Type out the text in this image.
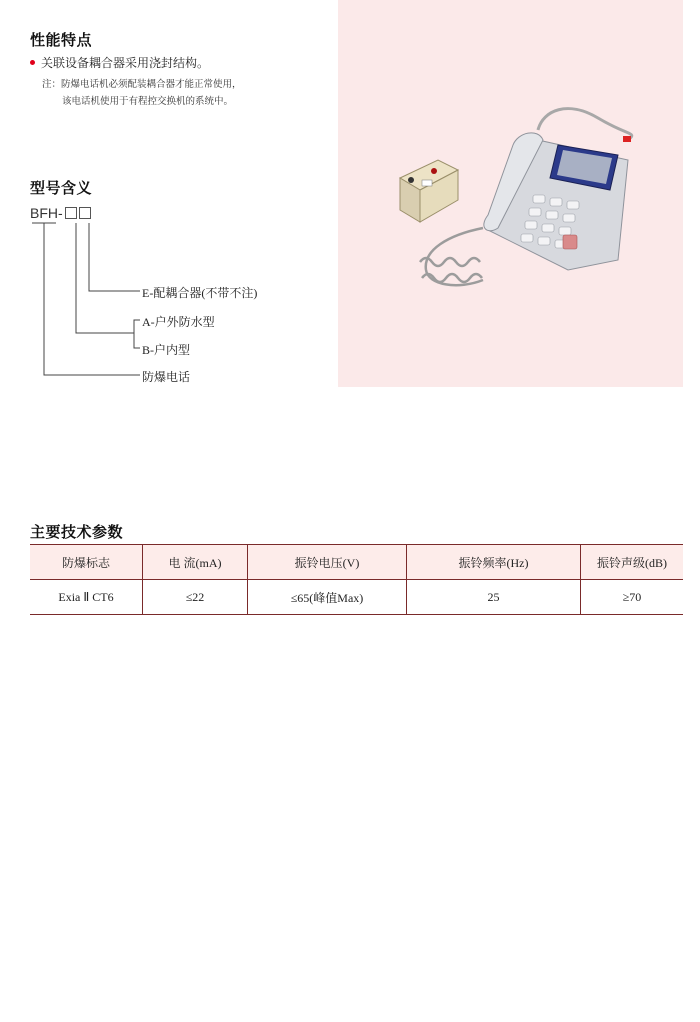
性能特点
关联设备耦合器采用浇封结构。
注：防爆电话机必须配装耦合器才能正常使用，
该电话机使用于有程控交换机的系统中。
型号含义
BFH-
E-配耦合器(不带不注)
A-户外防水型
B-户内型
防爆电话
主要技术参数
防爆标志	电 流(mA)	振铃电压(V)	振铃频率(Hz)	振铃声级(dB)
Exia Ⅱ CT6	≤22	≤65(峰值Max)	25	≥70
